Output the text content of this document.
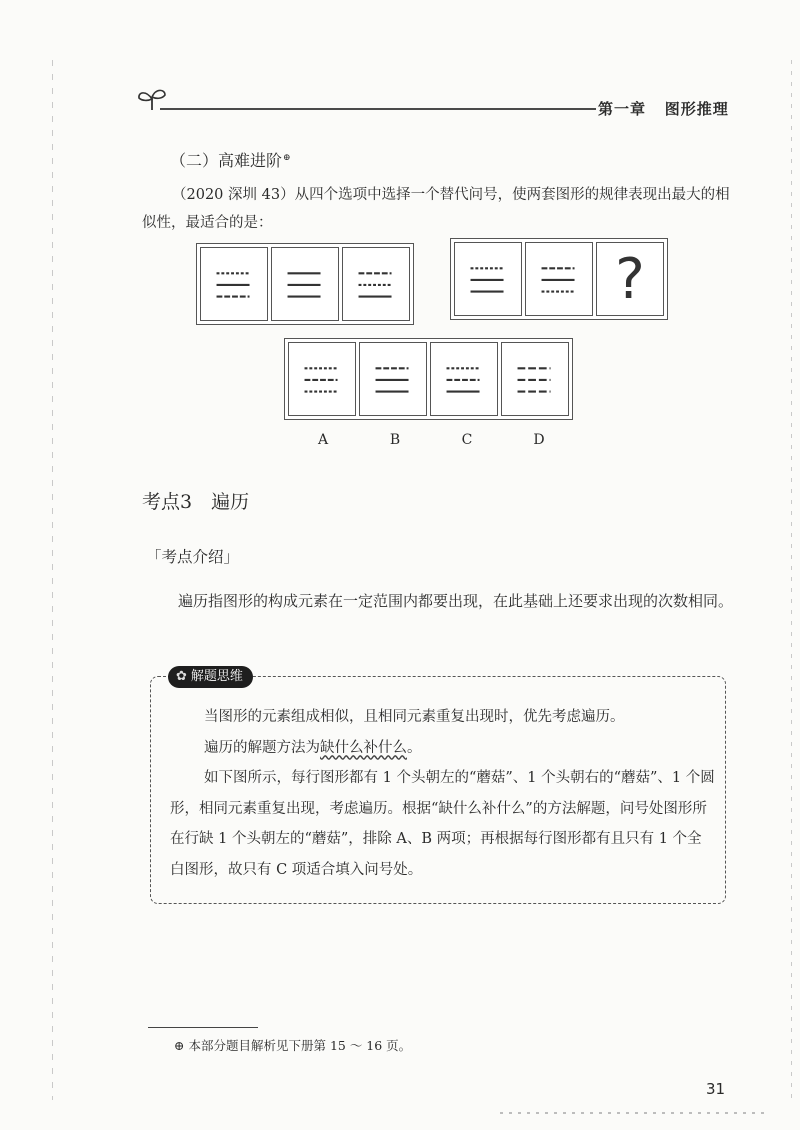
第一章 图形推理
（二）高难进阶⊕
（2020 深圳 43）从四个选项中选择一个替代问号，使两套图形的规律表现出最大的相似性，最适合的是：
?
A	B	C	D
考点3　遍历
「考点介绍」
遍历指图形的构成元素在一定范围内都要出现，在此基础上还要求出现的次数相同。
✿ 解题思维

当图形的元素组成相似，且相同元素重复出现时，优先考虑遍历。

遍历的解题方法为缺什么补什么。

如下图所示，每行图形都有 1 个头朝左的“蘑菇”、1 个头朝右的“蘑菇”、1 个圆形，相同元素重复出现，考虑遍历。根据“缺什么补什么”的方法解题，问号处图形所在行缺 1 个头朝左的“蘑菇”，排除 A、B 两项；再根据每行图形都有且只有 1 个全白图形，故只有 C 项适合填入问号处。

⊕ 本部分题目解析见下册第 15 ～ 16 页。
31
